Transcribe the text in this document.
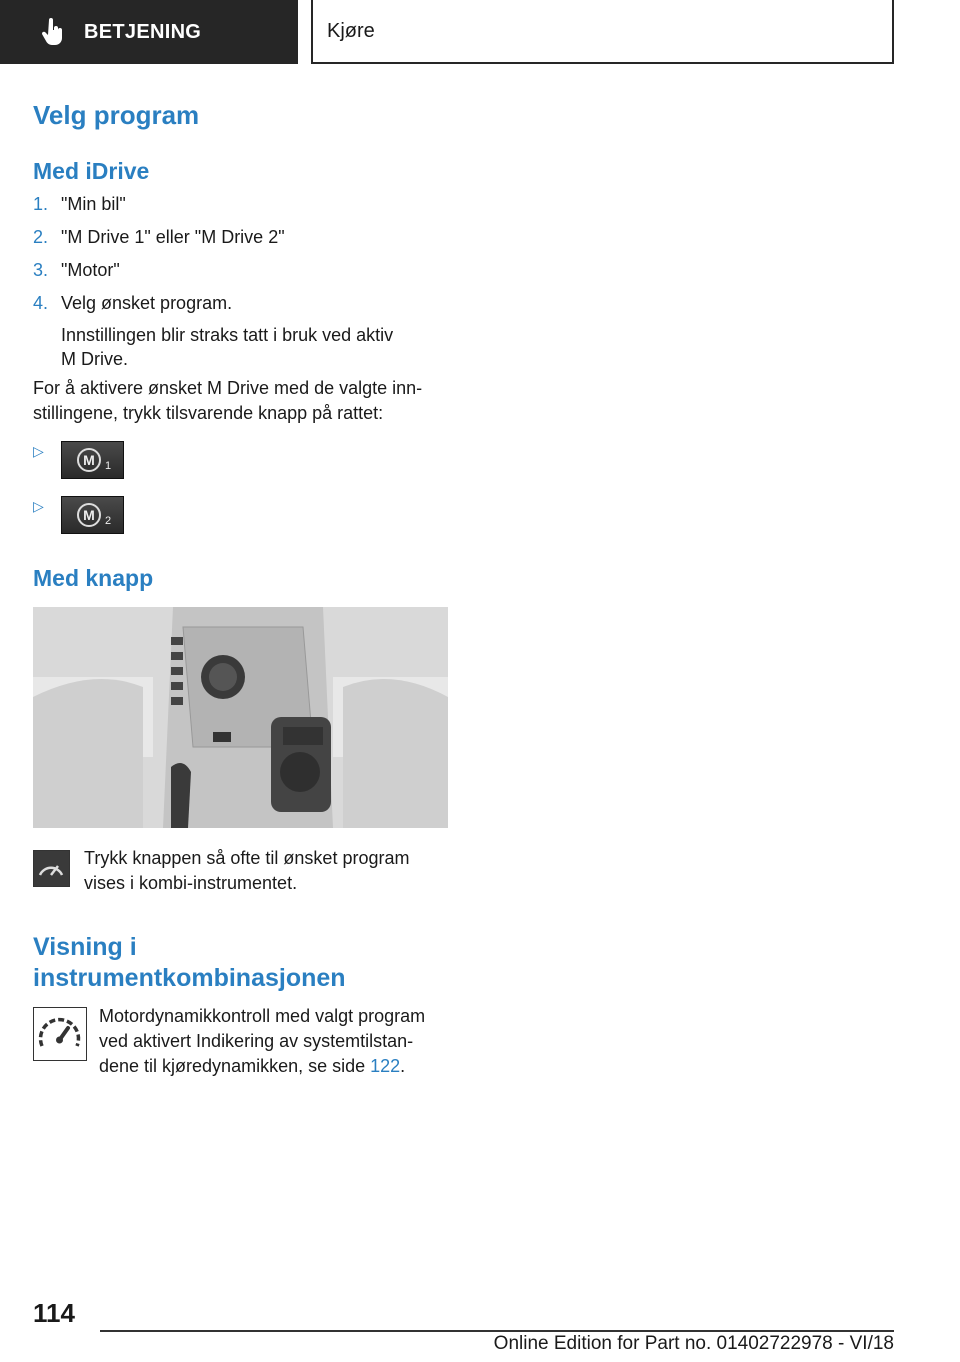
BETJENING	Kjøre
Velg program
Med iDrive
1. "Min bil"
2. "M Drive 1" eller "M Drive 2"
3. "Motor"
4. Velg ønsket program.
Innstillingen blir straks tatt i bruk ved aktiv
M Drive.
For å aktivere ønsket M Drive med de valgte inn-
stillingene, trykk tilsvarende knapp på rattet:
▷
M 1
▷
M 2
Med knapp
Trykk knappen så ofte til ønsket program
vises i kombi-instrumentet.
Visning i
instrumentkombinasjonen
Motordynamikkontroll med valgt program
ved aktivert Indikering av systemtilstan-
dene til kjøredynamikken, se side 122.
114
Online Edition for Part no. 01402722978 - VI/18
